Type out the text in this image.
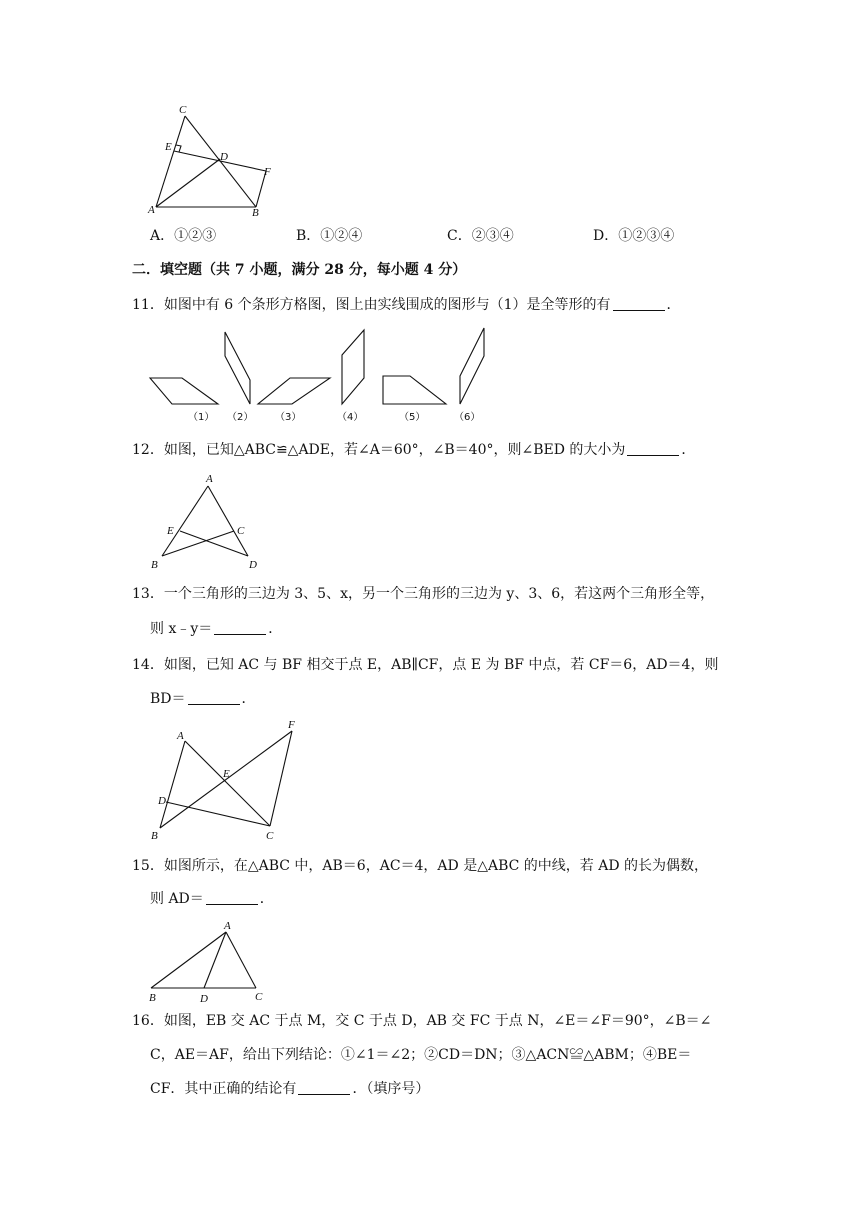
C
E
D
F
A	B
A．①②③	B．①②④	C．②③④	D．①②③④
二．填空题（共 7 小题，满分 28 分，每小题 4 分）
11．如图中有 6 个条形方格图，图上由实线围成的图形与（1）是全等形的有	．
（1） （2） （3）	（4）	（5）	（6）
12．如图，已知△ABC≌△ADE，若∠A＝60°，∠B＝40°，则∠BED 的大小为	．
A
E	C
B	D
13．一个三角形的三边为 3、5、x，另一个三角形的三边为 y、3、6，若这两个三角形全等，
则 x﹣y＝	．
14．如图，已知 AC 与 BF 相交于点 E，AB∥CF，点 E 为 BF 中点，若 CF＝6，AD＝4，则
BD＝	．
A
F
E
D
B	C
15．如图所示，在△ABC 中，AB＝6，AC＝4，AD 是△ABC 的中线，若 AD 的长为偶数，
则 AD＝	．
A
B	D	C
16．如图，EB 交 AC 于点 M，交 C 于点 D，AB 交 FC 于点 N，∠E＝∠F＝90°，∠B＝∠
C，AE＝AF，给出下列结论：①∠1＝∠2；②CD＝DN；③△ACN≌△ABM；④BE＝
CF．其中正确的结论有	．（填序号）
